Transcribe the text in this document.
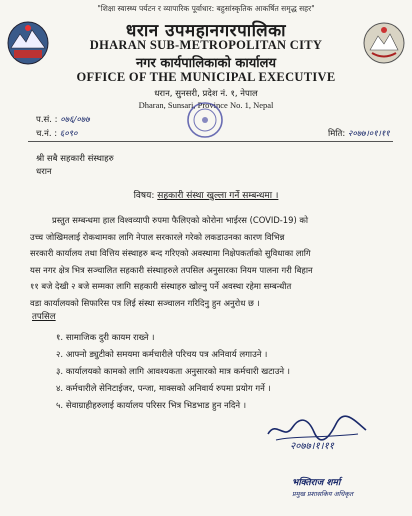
"शिक्षा स्वास्थ्य पर्यटन र व्यापारिक पूर्वाधार: बहुसांस्कृतिक आकर्षित समृद्ध सहर"
धरान उपमहानगरपालिका
DHARAN SUB-METROPOLITAN CITY
नगर कार्यपालिकाको कार्यालय
OFFICE OF THE MUNICIPAL EXECUTIVE
धरान, सुनसरी, प्रदेश नं. १, नेपाल
Dharan, Sunsari, Province No. 1, Nepal
प.सं. : ०७६/०७७
च.नं. : ६०९०	मिति: २०७७।०१।११
श्री सबै सहकारी संस्थाहरु
धरान
विषय: सहकारी संस्था खुल्ला गर्ने सम्बन्धमा ।
प्रस्तुत सम्बन्धमा हाल विश्वव्यापी रुपमा फैलिएको कोरोना भाईरस (COVID-19) को
उच्च जोखिमलाई रोकथामका लागि नेपाल सरकारले गरेको लकडाउनका कारण विभिन्न
सरकारी कार्यालय तथा वित्तिय संस्थाहरु बन्द गरिएको अवस्थामा निक्षेपकर्ताको सुविधाका लागि
यस नगर क्षेत्र भित्र सञ्चालित सहकारी संस्थाहरुले तपसिल अनुसारका नियम पालना गरी बिहान
११ बजे देखी २ बजे सम्मका लागि सहकारी संस्थाहरु खोल्नु पर्ने अवस्था रहेमा सम्बन्धीत
वडा कार्यालयको सिफारिस पत्र लिई संस्था सञ्चालन गरिदिनु हुन अनुरोध छ ।
तपसिल
१. सामाजिक दुरी कायम राख्ने ।
२. आफ्नो ड्युटीको समयमा कर्मचारीले परिचय पत्र अनिवार्य लगाउने ।
३. कार्यालयको कामको लागि आवश्यकता अनुसारको मात्र कर्मचारी खटाउने ।
४. कर्मचारीले सेनिटाईजर, पन्जा, माक्सको अनिवार्य रुपमा प्रयोग गर्ने ।
५. सेवाग्राहीहरुलाई कार्यालय परिसर भित्र भिडभाड हुन नदिने ।
२०७७।१।११
भक्तिराज शर्मा
प्रमुख प्रशासकिय अधिकृत
